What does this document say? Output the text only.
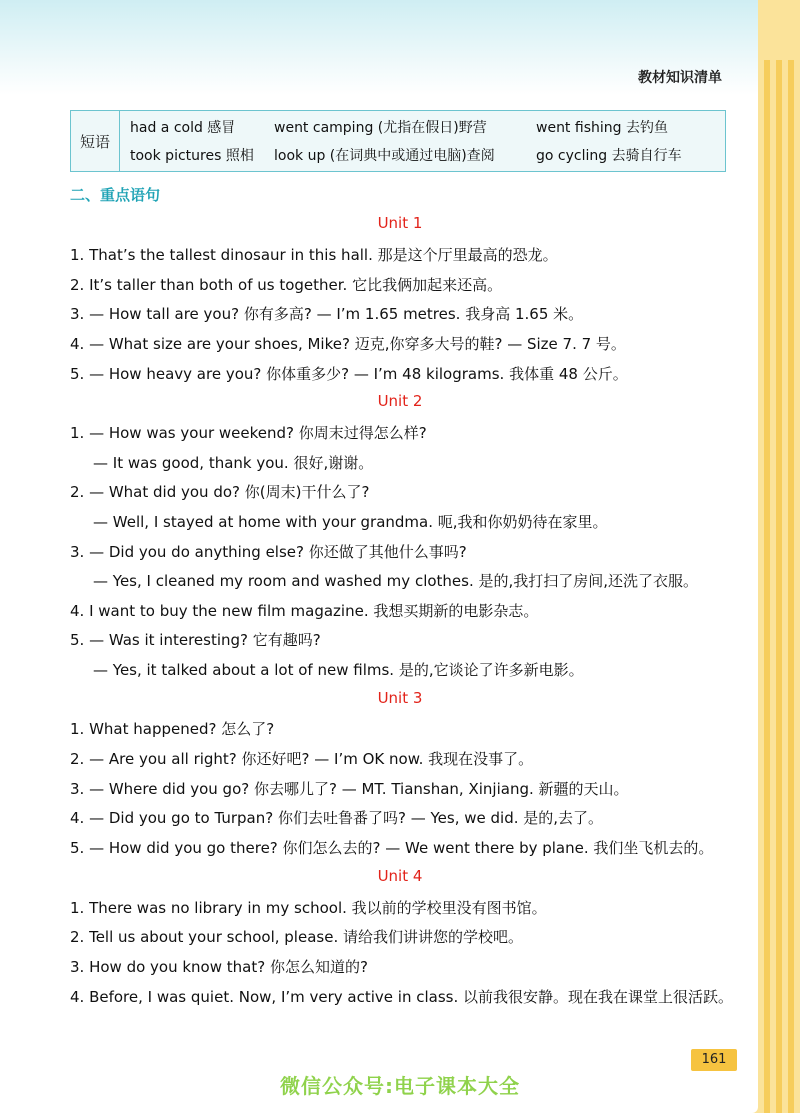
教材知识清单
短语	
had a cold 感冒	went camping (尤指在假日)野营	went fishing 去钓鱼
took pictures 照相	look up (在词典中或通过电脑)查阅	go cycling 去骑自行车
二、重点语句
Unit 1
1. That’s the tallest dinosaur in this hall. 那是这个厅里最高的恐龙。
2. It’s taller than both of us together. 它比我俩加起来还高。
3. — How tall are you? 你有多高? — I’m 1.65 metres. 我身高 1.65 米。
4. — What size are your shoes, Mike? 迈克,你穿多大号的鞋? — Size 7. 7 号。
5. — How heavy are you? 你体重多少? — I’m 48 kilograms. 我体重 48 公斤。
Unit 2
1. — How was your weekend? 你周末过得怎么样?
— It was good, thank you. 很好,谢谢。
2. — What did you do? 你(周末)干什么了?
— Well, I stayed at home with your grandma. 呃,我和你奶奶待在家里。
3. — Did you do anything else? 你还做了其他什么事吗?
— Yes, I cleaned my room and washed my clothes. 是的,我打扫了房间,还洗了衣服。
4. I want to buy the new film magazine. 我想买期新的电影杂志。
5. — Was it interesting? 它有趣吗?
— Yes, it talked about a lot of new films. 是的,它谈论了许多新电影。
Unit 3
1. What happened? 怎么了?
2. — Are you all right? 你还好吧? — I’m OK now. 我现在没事了。
3. — Where did you go? 你去哪儿了? — MT. Tianshan, Xinjiang. 新疆的天山。
4. — Did you go to Turpan? 你们去吐鲁番了吗? — Yes, we did. 是的,去了。
5. — How did you go there? 你们怎么去的? — We went there by plane. 我们坐飞机去的。
Unit 4
1. There was no library in my school. 我以前的学校里没有图书馆。
2. Tell us about your school, please. 请给我们讲讲您的学校吧。
3. How do you know that? 你怎么知道的?
4. Before, I was quiet. Now, I’m very active in class. 以前我很安静。现在我在课堂上很活跃。
161
微信公众号:电子课本大全
